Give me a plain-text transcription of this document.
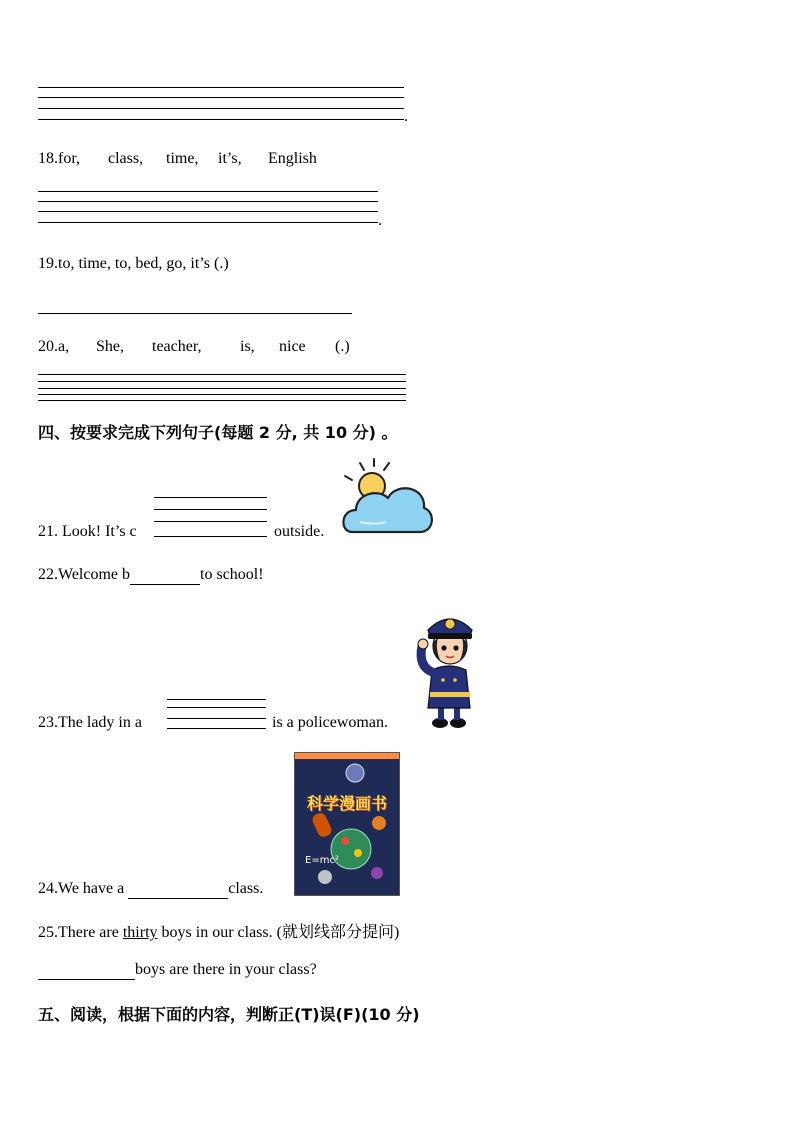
.
18.for, class, time, it’s, English
.
19.to, time, to, bed, go, it’s (.)
20.a, She, teacher, is, nice (.)
四、按要求完成下列句子(每题 2 分, 共 10 分) 。
21. Look! It’s c	outside.
22.Welcome b	to school!
23.The lady in a	is a policewoman.
科学漫画书
E=mc²
24.We have a	class.
25.There are thirty boys in our class. (就划线部分提问)
boys are there in your class?
五、阅读，根据下面的内容，判断正(T)误(F)(10 分)
